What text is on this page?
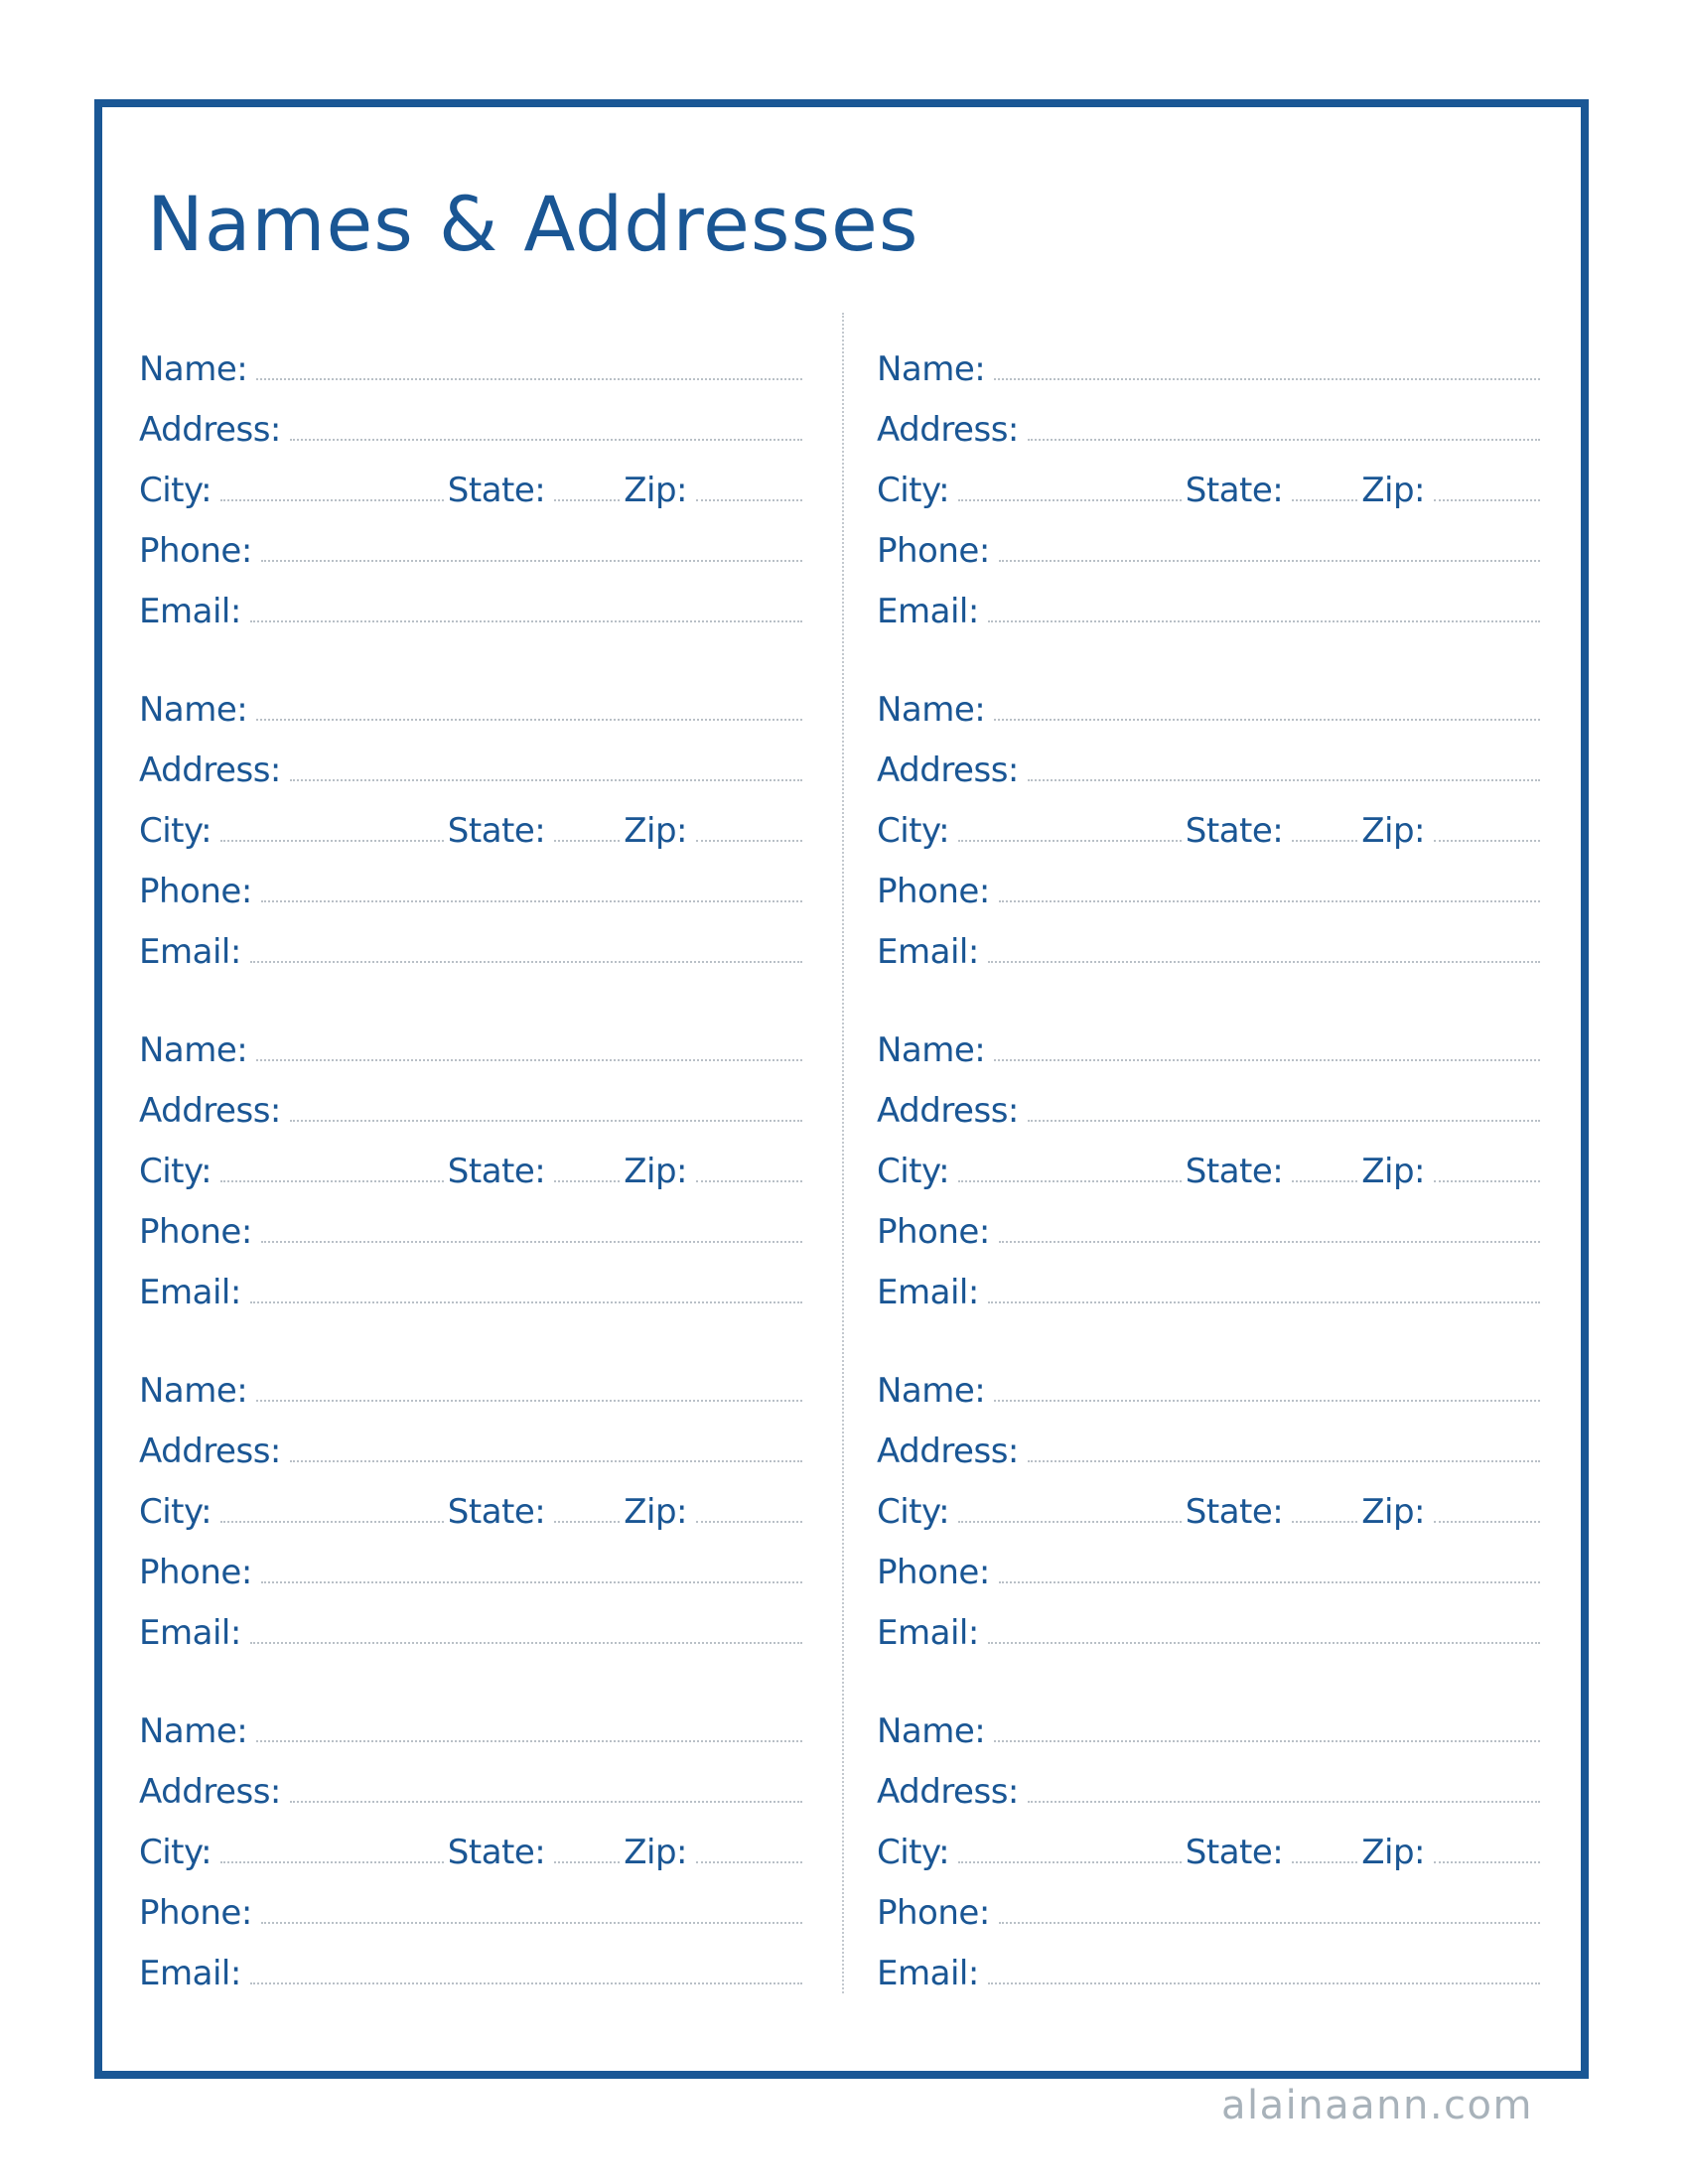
Names & Addresses
Name:
Address:
City:	State: Zip:
Phone:
Email:
Name:
Address:
City:	State: Zip:
Phone:
Email:
Name:
Address:
City:	State: Zip:
Phone:
Email:
Name:
Address:
City:	State: Zip:
Phone:
Email:
Name:
Address:
City:	State: Zip:
Phone:
Email:
Name:
Address:
City:	State: Zip:
Phone:
Email:
Name:
Address:
City:	State: Zip:
Phone:
Email:
Name:
Address:
City:	State: Zip:
Phone:
Email:
Name:
Address:
City:	State: Zip:
Phone:
Email:
Name:
Address:
City:	State: Zip:
Phone:
Email:
alainaann.com
